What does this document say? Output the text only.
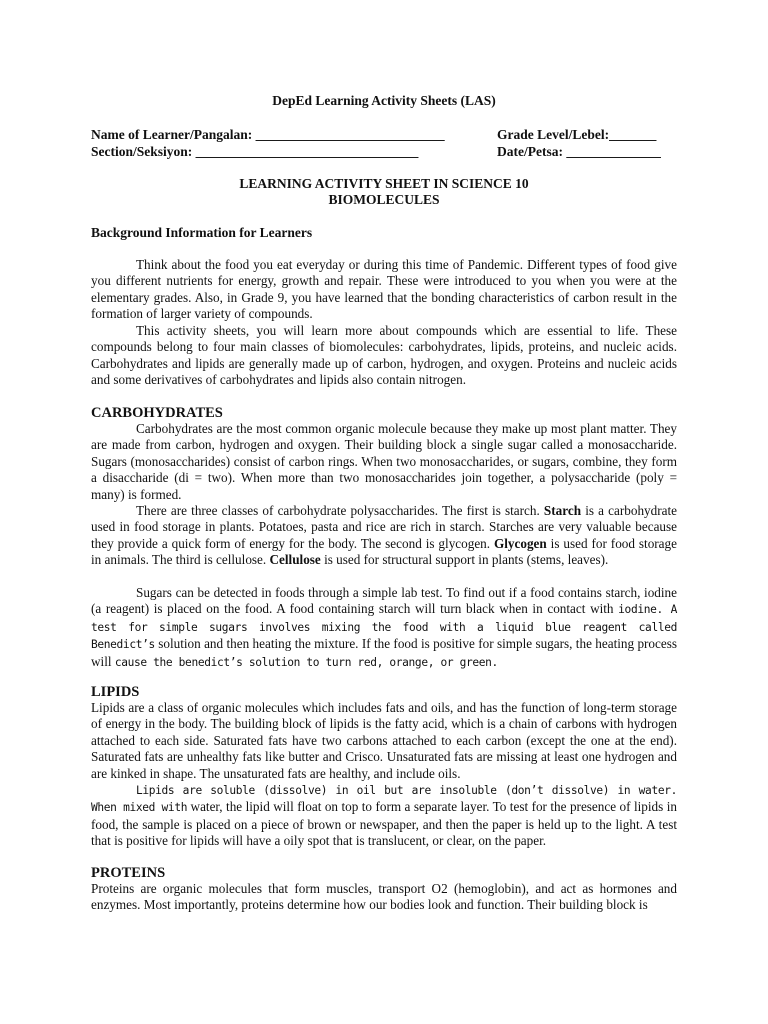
DepEd Learning Activity Sheets (LAS)
Name of Learner/Pangalan: ____________________________	Grade Level/Lebel:_______
Section/Seksiyon: _________________________________	Date/Petsa: ______________
LEARNING ACTIVITY SHEET IN SCIENCE 10
BIOMOLECULES
Background Information for Learners

Think about the food you eat everyday or during this time of Pandemic. Different types of food give you different nutrients for energy, growth and repair. These were introduced to you when you were at the elementary grades. Also, in Grade 9, you have learned that the bonding characteristics of carbon result in the formation of larger variety of compounds.

This activity sheets, you will learn more about compounds which are essential to life. These compounds belong to four main classes of biomolecules: carbohydrates, lipids, proteins, and nucleic acids. Carbohydrates and lipids are generally made up of carbon, hydrogen, and oxygen. Proteins and nucleic acids and some derivatives of carbohydrates and lipids also contain nitrogen.

CARBOHYDRATES

Carbohydrates are the most common organic molecule because they make up most plant matter. They are made from carbon, hydrogen and oxygen. Their building block a single sugar called a monosaccharide. Sugars (monosaccharides) consist of carbon rings. When two monosaccharides, or sugars, combine, they form a disaccharide (di = two). When more than two monosaccharides join together, a polysaccharide (poly = many) is formed.

There are three classes of carbohydrate polysaccharides. The first is starch. Starch is a carbohydrate used in food storage in plants. Potatoes, pasta and rice are rich in starch. Starches are very valuable because they provide a quick form of energy for the body. The second is glycogen. Glycogen is used for food storage in animals. The third is cellulose. Cellulose is used for structural support in plants (stems, leaves).

Sugars can be detected in foods through a simple lab test. To find out if a food contains starch, iodine (a reagent) is placed on the food. A food containing starch will turn black when in contact with iodine. A test for simple sugars involves mixing the food with a liquid blue reagent called Benedict’s solution and then heating the mixture. If the food is positive for simple sugars, the heating process will cause the benedict’s solution to turn red, orange, or green.

LIPIDS

Lipids are a class of organic molecules which includes fats and oils, and has the function of long-term storage of energy in the body. The building block of lipids is the fatty acid, which is a chain of carbons with hydrogen attached to each side. Saturated fats have two carbons attached to each carbon (except the one at the end). Saturated fats are unhealthy fats like butter and Crisco. Unsaturated fats are missing at least one hydrogen and are kinked in shape. The unsaturated fats are healthy, and include oils.

Lipids are soluble (dissolve) in oil but are insoluble (don’t dissolve) in water. When mixed with water, the lipid will float on top to form a separate layer. To test for the presence of lipids in food, the sample is placed on a piece of brown or newspaper, and then the paper is held up to the light. A test that is positive for lipids will have a oily spot that is translucent, or clear, on the paper.

PROTEINS

Proteins are organic molecules that form muscles, transport O2 (hemoglobin), and act as hormones and enzymes. Most importantly, proteins determine how our bodies look and function. Their building block is
